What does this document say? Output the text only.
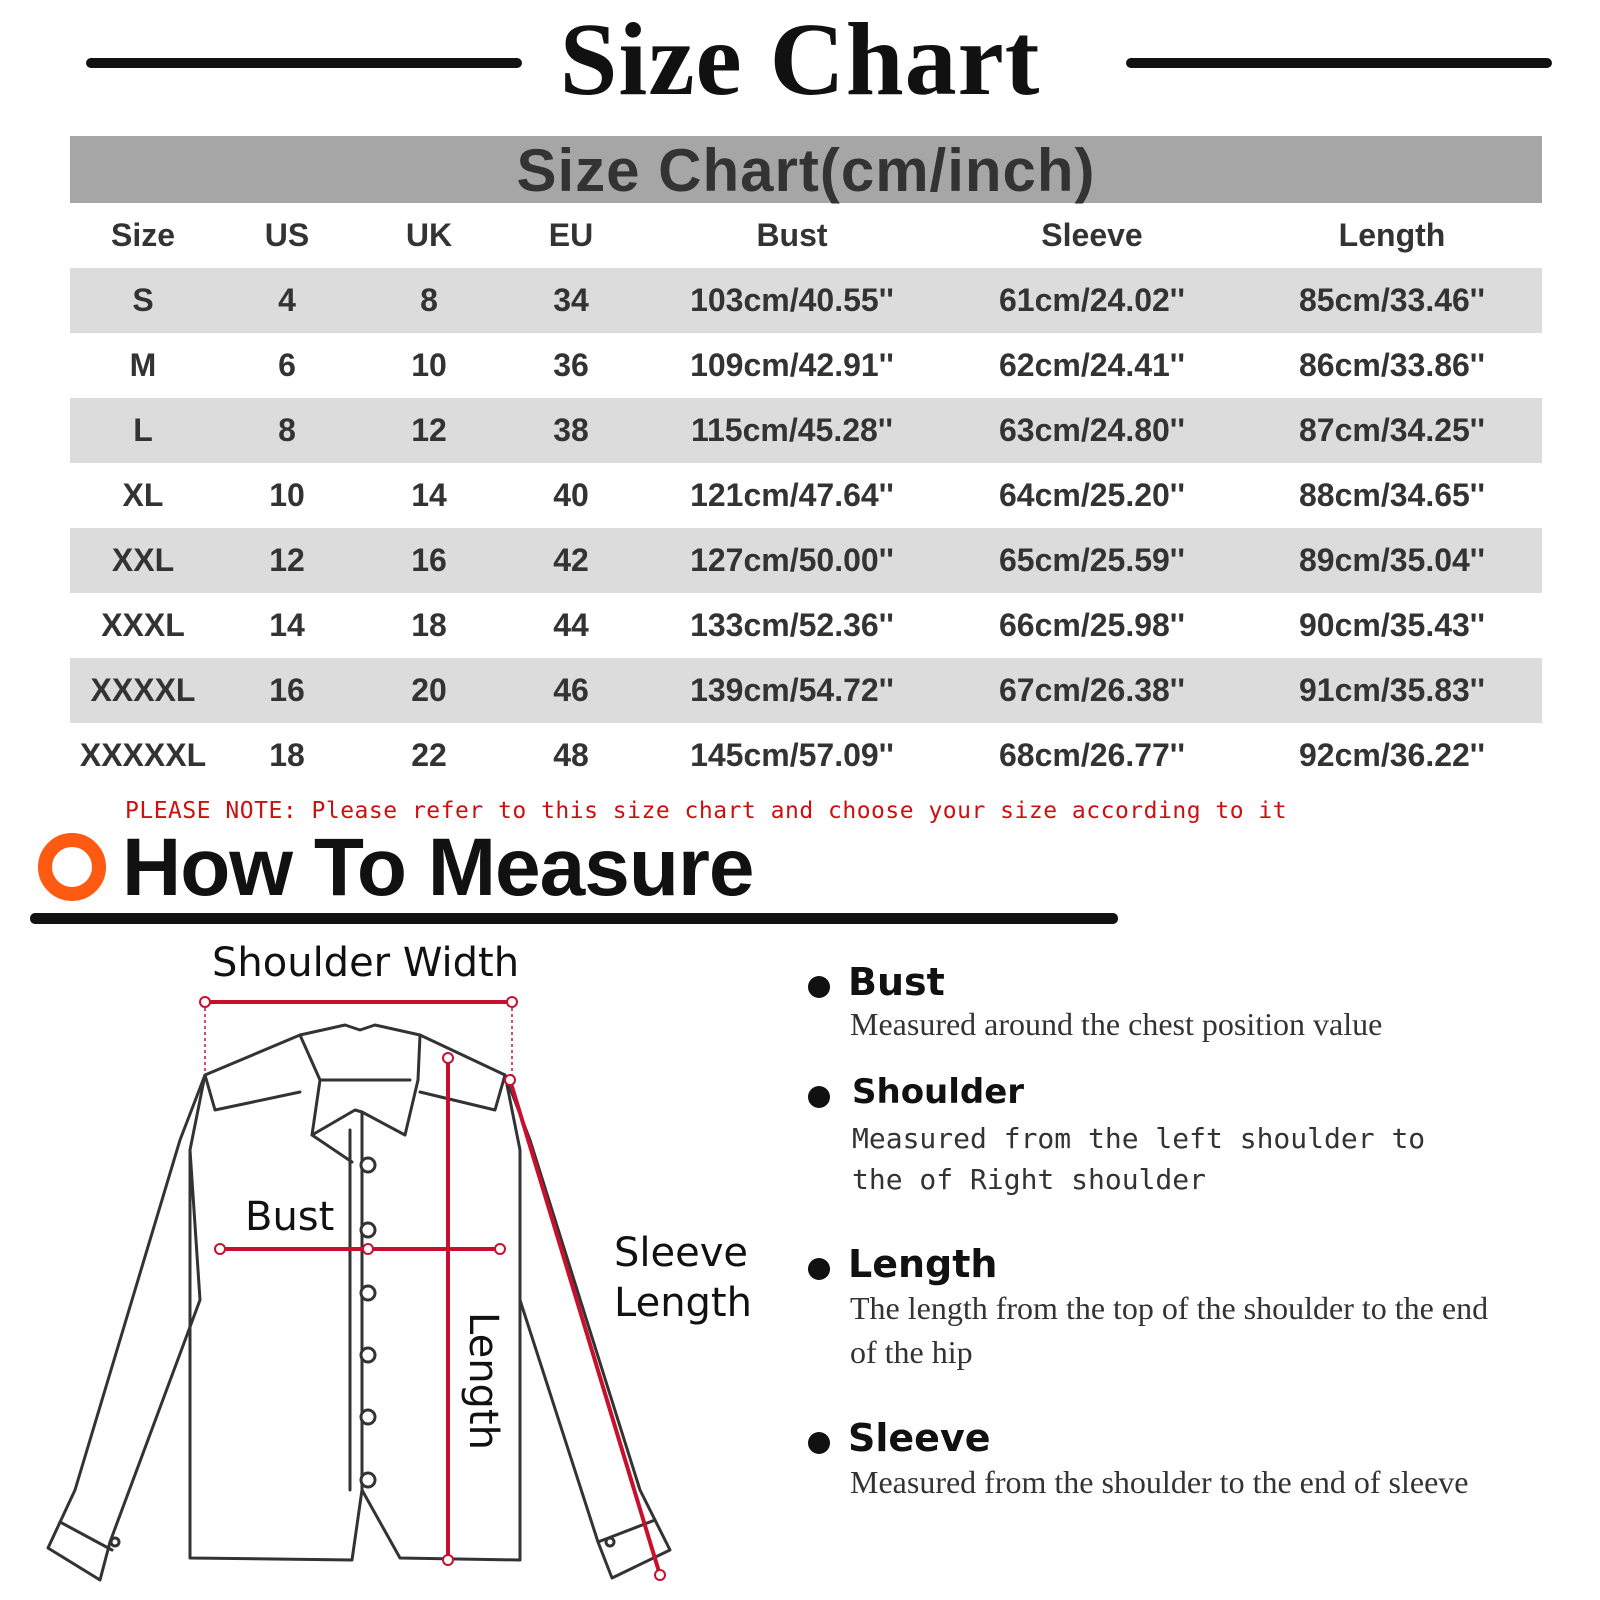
Size Chart
Size Chart(cm/inch)
Size	US	UK	EU	Bust	Sleeve	Length
S	4	8	34	103cm/40.55''	61cm/24.02''	85cm/33.46''
M	6	10	36	109cm/42.91''	62cm/24.41''	86cm/33.86''
L	8	12	38	115cm/45.28''	63cm/24.80''	87cm/34.25''
XL	10	14	40	121cm/47.64''	64cm/25.20''	88cm/34.65''
XXL	12	16	42	127cm/50.00''	65cm/25.59''	89cm/35.04''
XXXL	14	18	44	133cm/52.36''	66cm/25.98''	90cm/35.43''
XXXXL	16	20	46	139cm/54.72''	67cm/26.38''	91cm/35.83''
XXXXXL	18	22	48	145cm/57.09''	68cm/26.77''	92cm/36.22''
PLEASE NOTE: Please refer to this size chart and choose your size according to it
How To Measure
Shoulder Width
Bust
Sleeve
Length
Length
Bust
Measured around the chest position value
Shoulder
Measured from the left shoulder to the of Right shoulder
Length
The length from the top of the shoulder to the end of the hip
Sleeve
Measured from the shoulder to the end of sleeve
